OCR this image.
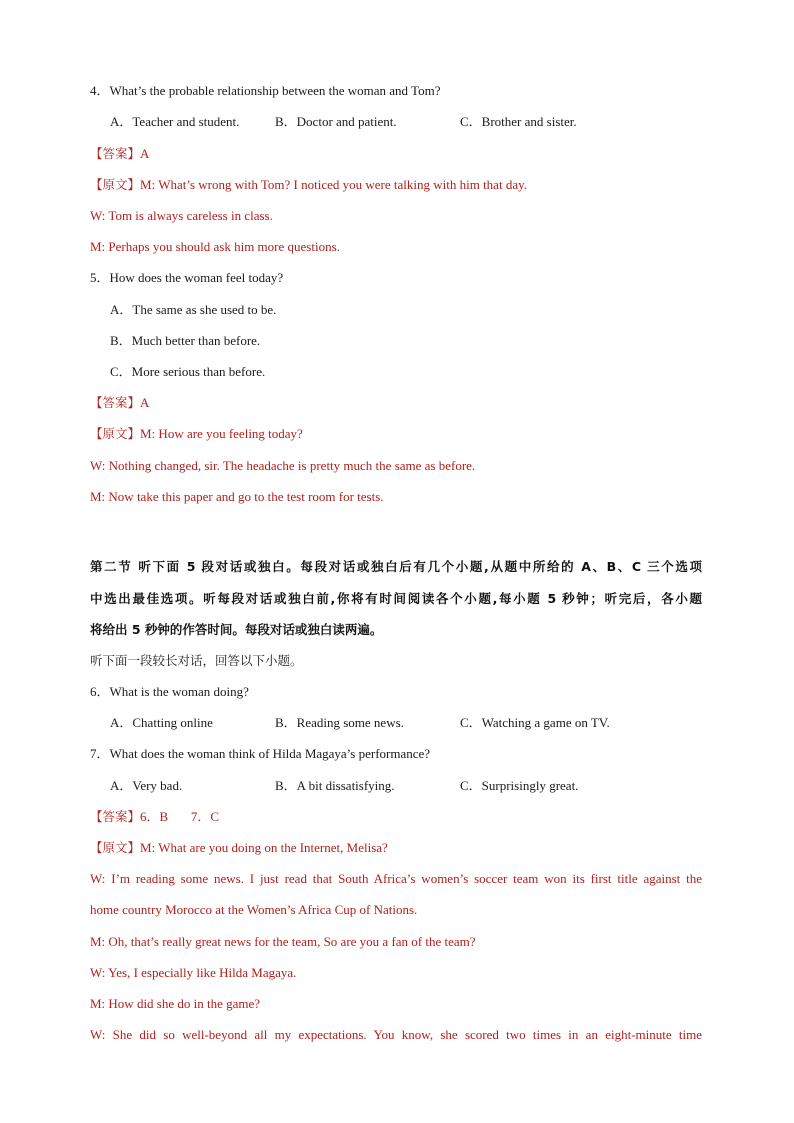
4．What’s the probable relationship between the woman and Tom?
A．Teacher and student.	B．Doctor and patient.	C．Brother and sister.
【答案】A
【原文】M: What’s wrong with Tom? I noticed you were talking with him that day.
W: Tom is always careless in class.
M: Perhaps you should ask him more questions.
5．How does the woman feel today?
A．The same as she used to be.
B．Much better than before.
C．More serious than before.
【答案】A
【原文】M: How are you feeling today?
W: Nothing changed, sir. The headache is pretty much the same as before.
M: Now take this paper and go to the test room for tests.
第二节 听下面 5 段对话或独白。每段对话或独白后有几个小题,从题中所给的 A、B、C 三个选项
中选出最佳选项。听每段对话或独白前,你将有时间阅读各个小题,每小题 5 秒钟；听完后，各小题
将给出 5 秒钟的作答时间。每段对话或独白读两遍。
听下面一段较长对话，回答以下小题。
6．What is the woman doing?
A．Chatting online	B．Reading some news.	C．Watching a game on TV.
7．What does the woman think of Hilda Magaya’s performance?
A．Very bad.	B．A bit dissatisfying.	C．Surprisingly great.
【答案】6．B       7．C
【原文】M: What are you doing on the Internet, Melisa?
W: I’m reading some news. I just read that South Africa’s women’s soccer team won its first title against the
home country Morocco at the Women’s Africa Cup of Nations.
M: Oh, that’s really great news for the team, So are you a fan of the team?
W: Yes, I especially like Hilda Magaya.
M: How did she do in the game?
W: She did so well-beyond all my expectations. You know, she scored two times in an eight-minute time
